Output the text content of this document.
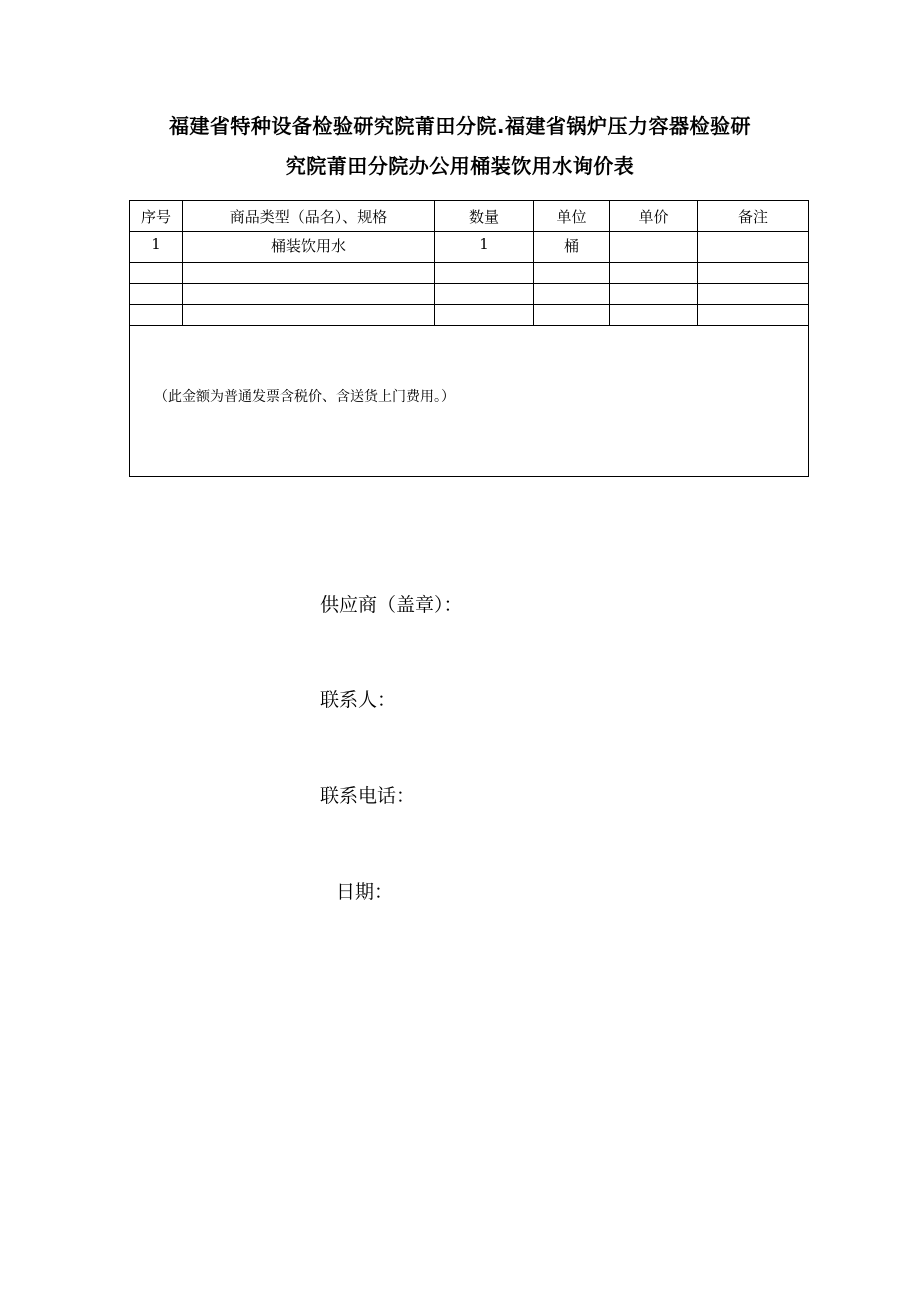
福建省特种设备检验研究院莆田分院.福建省锅炉压力容器检验研
究院莆田分院办公用桶装饮用水询价表
序号	商品类型（品名）、规格	数量	单位	单价	备注
1	桶装饮用水	1	桶		

（此金额为普通发票含税价、含送货上门费用。）					
供应商（盖章）：
联系人：
联系电话：
日期：
